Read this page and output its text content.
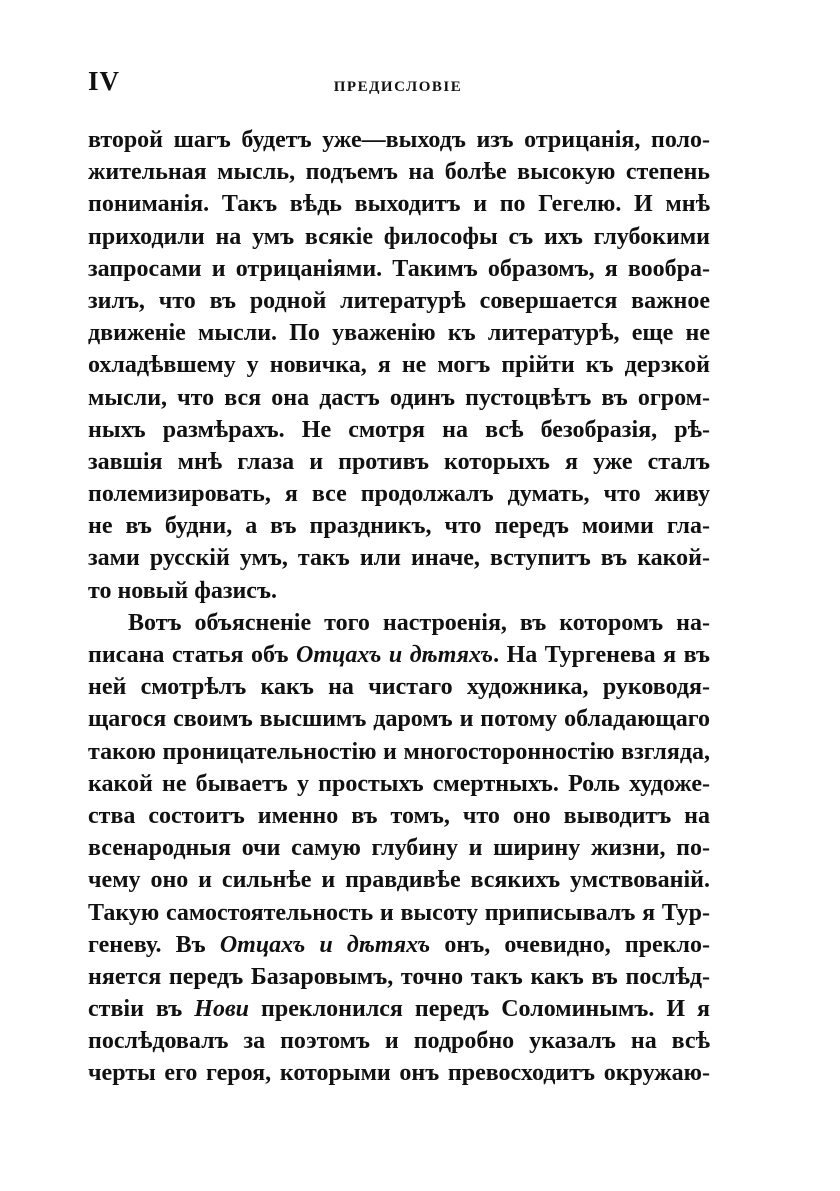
IV	ПРЕДИСЛОВІЕ
второй шагъ будетъ уже—выходъ изъ отрицанія, поло-
жительная мысль, подъемъ на болѣе высокую степень
пониманія. Такъ вѣдь выходитъ и по Гегелю. И мнѣ
приходили на умъ всякіе философы съ ихъ глубокими
запросами и отрицаніями. Такимъ образомъ, я вообра-
зилъ, что въ родной литературѣ совершается важное
движеніе мысли. По уваженію къ литературѣ, еще не
охладѣвшему у новичка, я не могъ прійти къ дерзкой
мысли, что вся она дастъ одинъ пустоцвѣтъ въ огром-
ныхъ размѣрахъ. Не смотря на всѣ безобразія, рѣ-
завшія мнѣ глаза и противъ которыхъ я уже сталъ
полемизировать, я все продолжалъ думать, что живу
не въ будни, а въ праздникъ, что передъ моими гла-
зами русскій умъ, такъ или иначе, вступитъ въ какой-
то новый фазисъ.
Вотъ объясненіе того настроенія, въ которомъ на-
писана статья объ Отцахъ и дѣтяхъ. На Тургенева я въ
ней смотрѣлъ какъ на чистаго художника, руководя-
щагося своимъ высшимъ даромъ и потому обладающаго
такою проницательностію и многосторонностію взгляда,
какой не бываетъ у простыхъ смертныхъ. Роль художе-
ства состоитъ именно въ томъ, что оно выводитъ на
всенародныя очи самую глубину и ширину жизни, по-
чему оно и сильнѣе и правдивѣе всякихъ умствованій.
Такую самостоятельность и высоту приписывалъ я Тур-
геневу. Въ Отцахъ и дѣтяхъ онъ, очевидно, прекло-
няется передъ Базаровымъ, точно такъ какъ въ послѣд-
ствіи въ Нови преклонился передъ Соломинымъ. И я
послѣдовалъ за поэтомъ и подробно указалъ на всѣ
черты его героя, которыми онъ превосходитъ окружаю-
